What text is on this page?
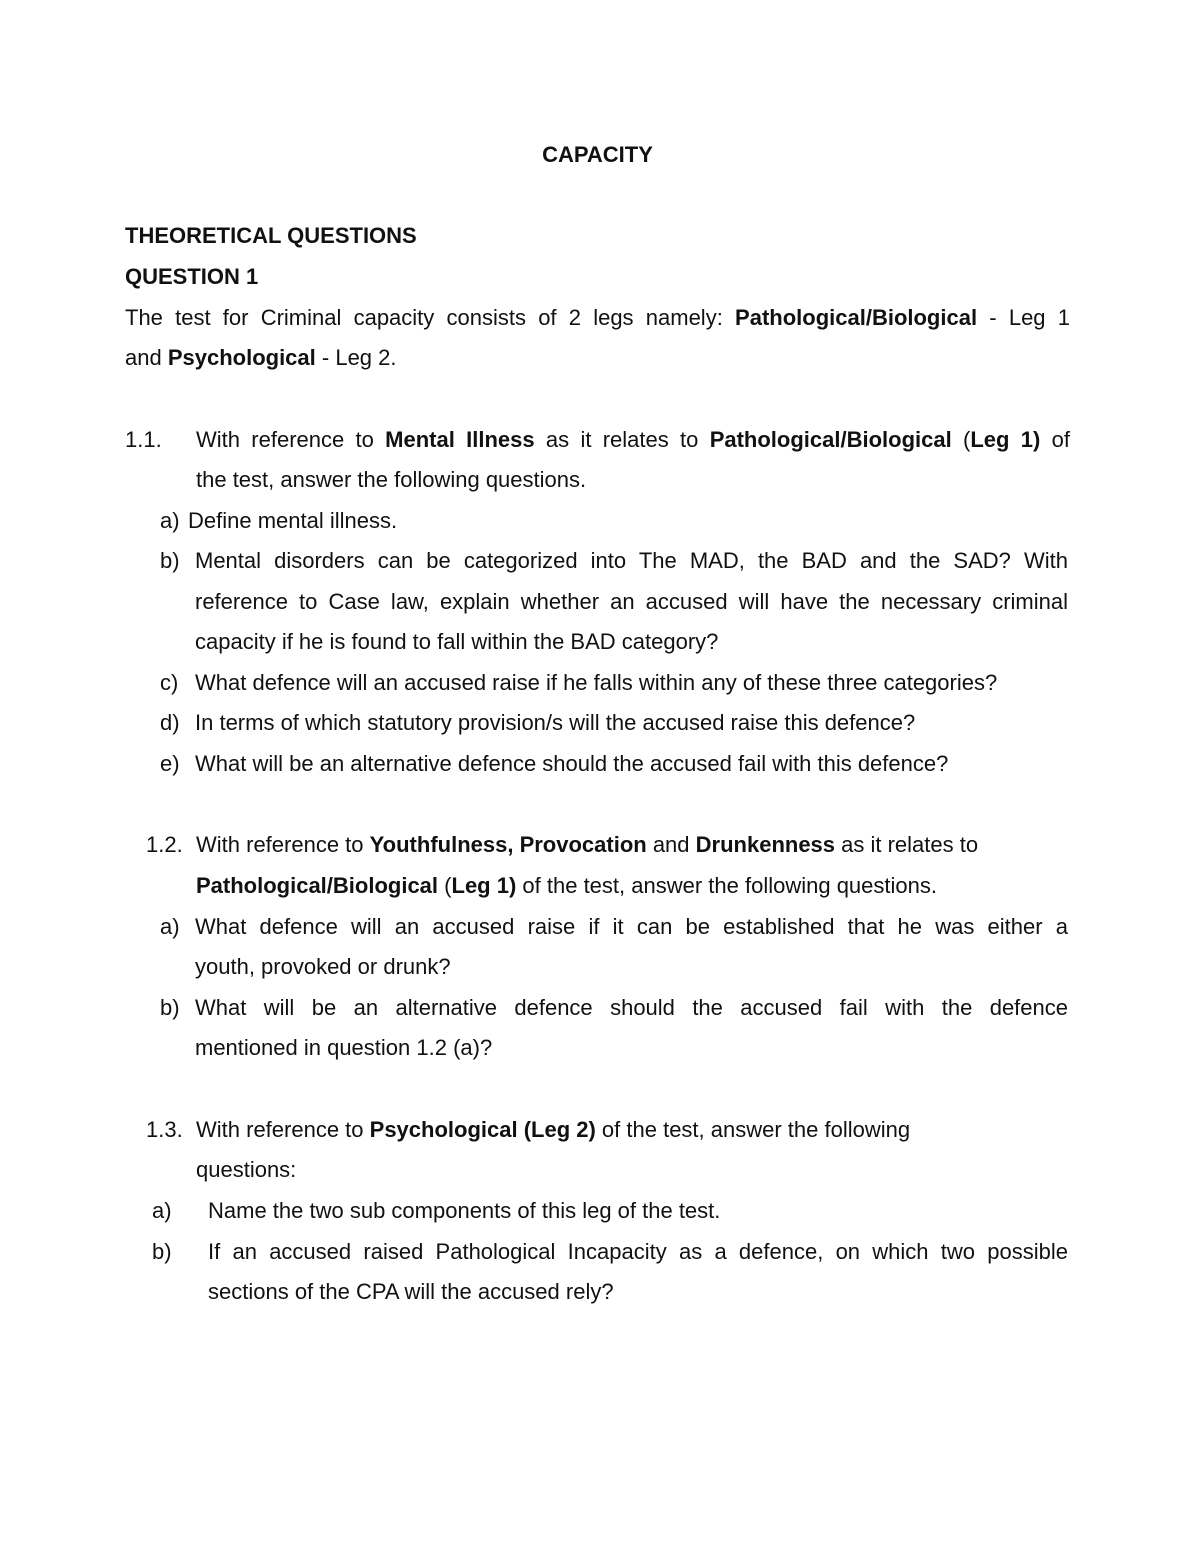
CAPACITY
THEORETICAL QUESTIONS
QUESTION 1
The test for Criminal capacity consists of 2 legs namely: Pathological/Biological - Leg 1
and Psychological - Leg 2.
1.1. With reference to Mental Illness as it relates to Pathological/Biological (Leg 1) of
the test, answer the following questions.
a) Define mental illness.
b) Mental disorders can be categorized into The MAD, the BAD and the SAD? With
reference to Case law, explain whether an accused will have the necessary criminal
capacity if he is found to fall within the BAD category?
c) What defence will an accused raise if he falls within any of these three categories?
d) In terms of which statutory provision/s will the accused raise this defence?
e) What will be an alternative defence should the accused fail with this defence?
1.2. With reference to Youthfulness, Provocation and Drunkenness as it relates to
Pathological/Biological (Leg 1) of the test, answer the following questions.
a) What defence will an accused raise if it can be established that he was either a
youth, provoked or drunk?
b) What will be an alternative defence should the accused fail with the defence
mentioned in question 1.2 (a)?
1.3. With reference to Psychological (Leg 2) of the test, answer the following
questions:
a) Name the two sub components of this leg of the test.
b) If an accused raised Pathological Incapacity as a defence, on which two possible
sections of the CPA will the accused rely?
